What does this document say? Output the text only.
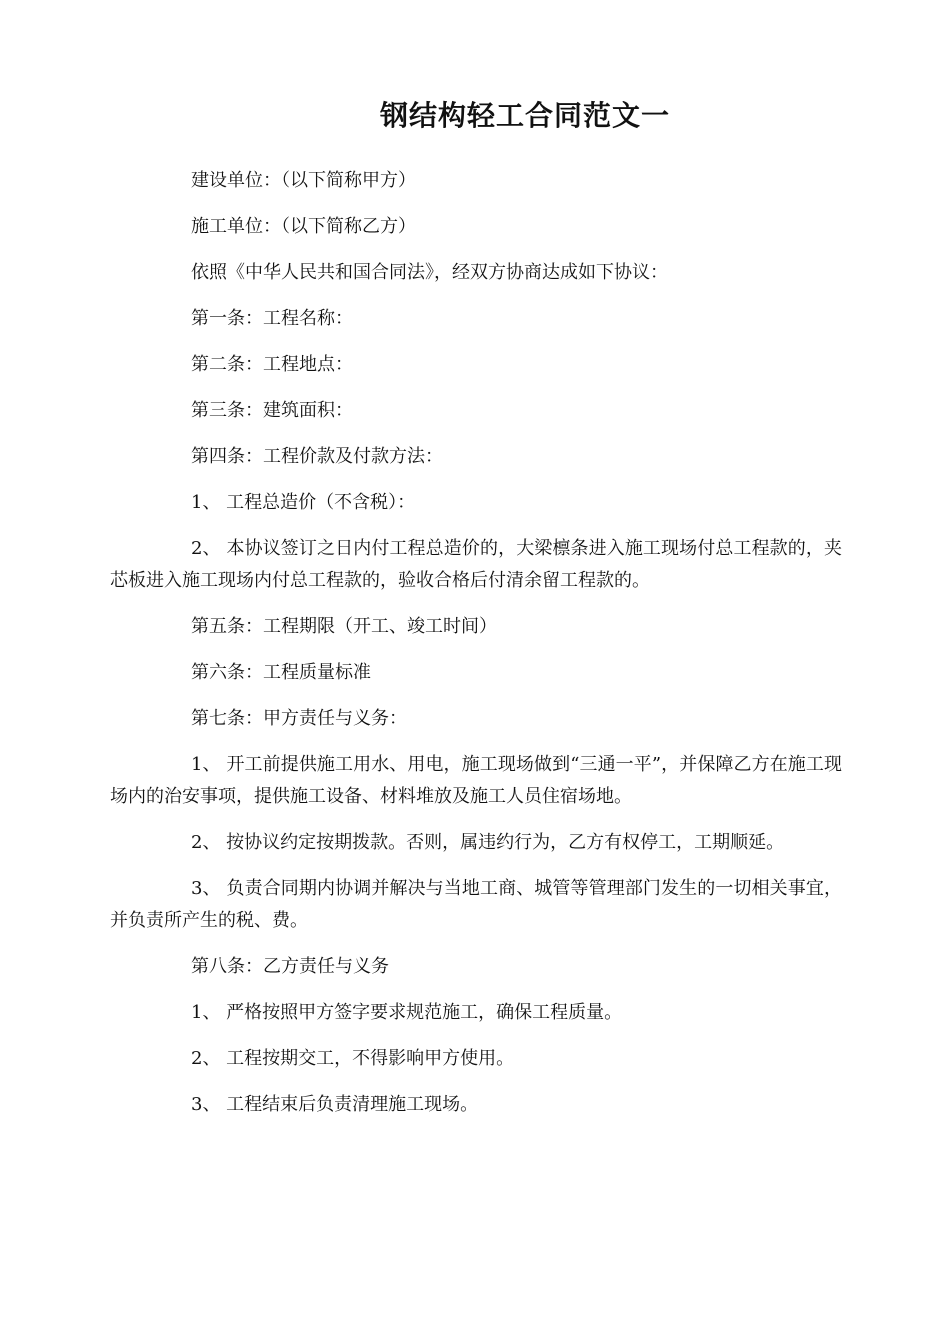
钢结构轻工合同范文一

建设单位：（以下简称甲方）

施工单位：（以下简称乙方）

依照《中华人民共和国合同法》，经双方协商达成如下协议：

第一条：工程名称：

第二条：工程地点：

第三条：建筑面积：

第四条：工程价款及付款方法：

1、 工程总造价（不含税）：

2、 本协议签订之日内付工程总造价的，大梁檩条进入施工现场付总工程款的，夹芯板进入施工现场内付总工程款的，验收合格后付清余留工程款的。

第五条：工程期限（开工、竣工时间）

第六条：工程质量标准

第七条：甲方责任与义务：

1、 开工前提供施工用水、用电，施工现场做到“三通一平”，并保障乙方在施工现场内的治安事项，提供施工设备、材料堆放及施工人员住宿场地。

2、 按协议约定按期拨款。否则，属违约行为，乙方有权停工，工期顺延。

3、 负责合同期内协调并解决与当地工商、城管等管理部门发生的一切相关事宜，并负责所产生的税、费。

第八条：乙方责任与义务

1、 严格按照甲方签字要求规范施工，确保工程质量。

2、 工程按期交工，不得影响甲方使用。

3、 工程结束后负责清理施工现场。
